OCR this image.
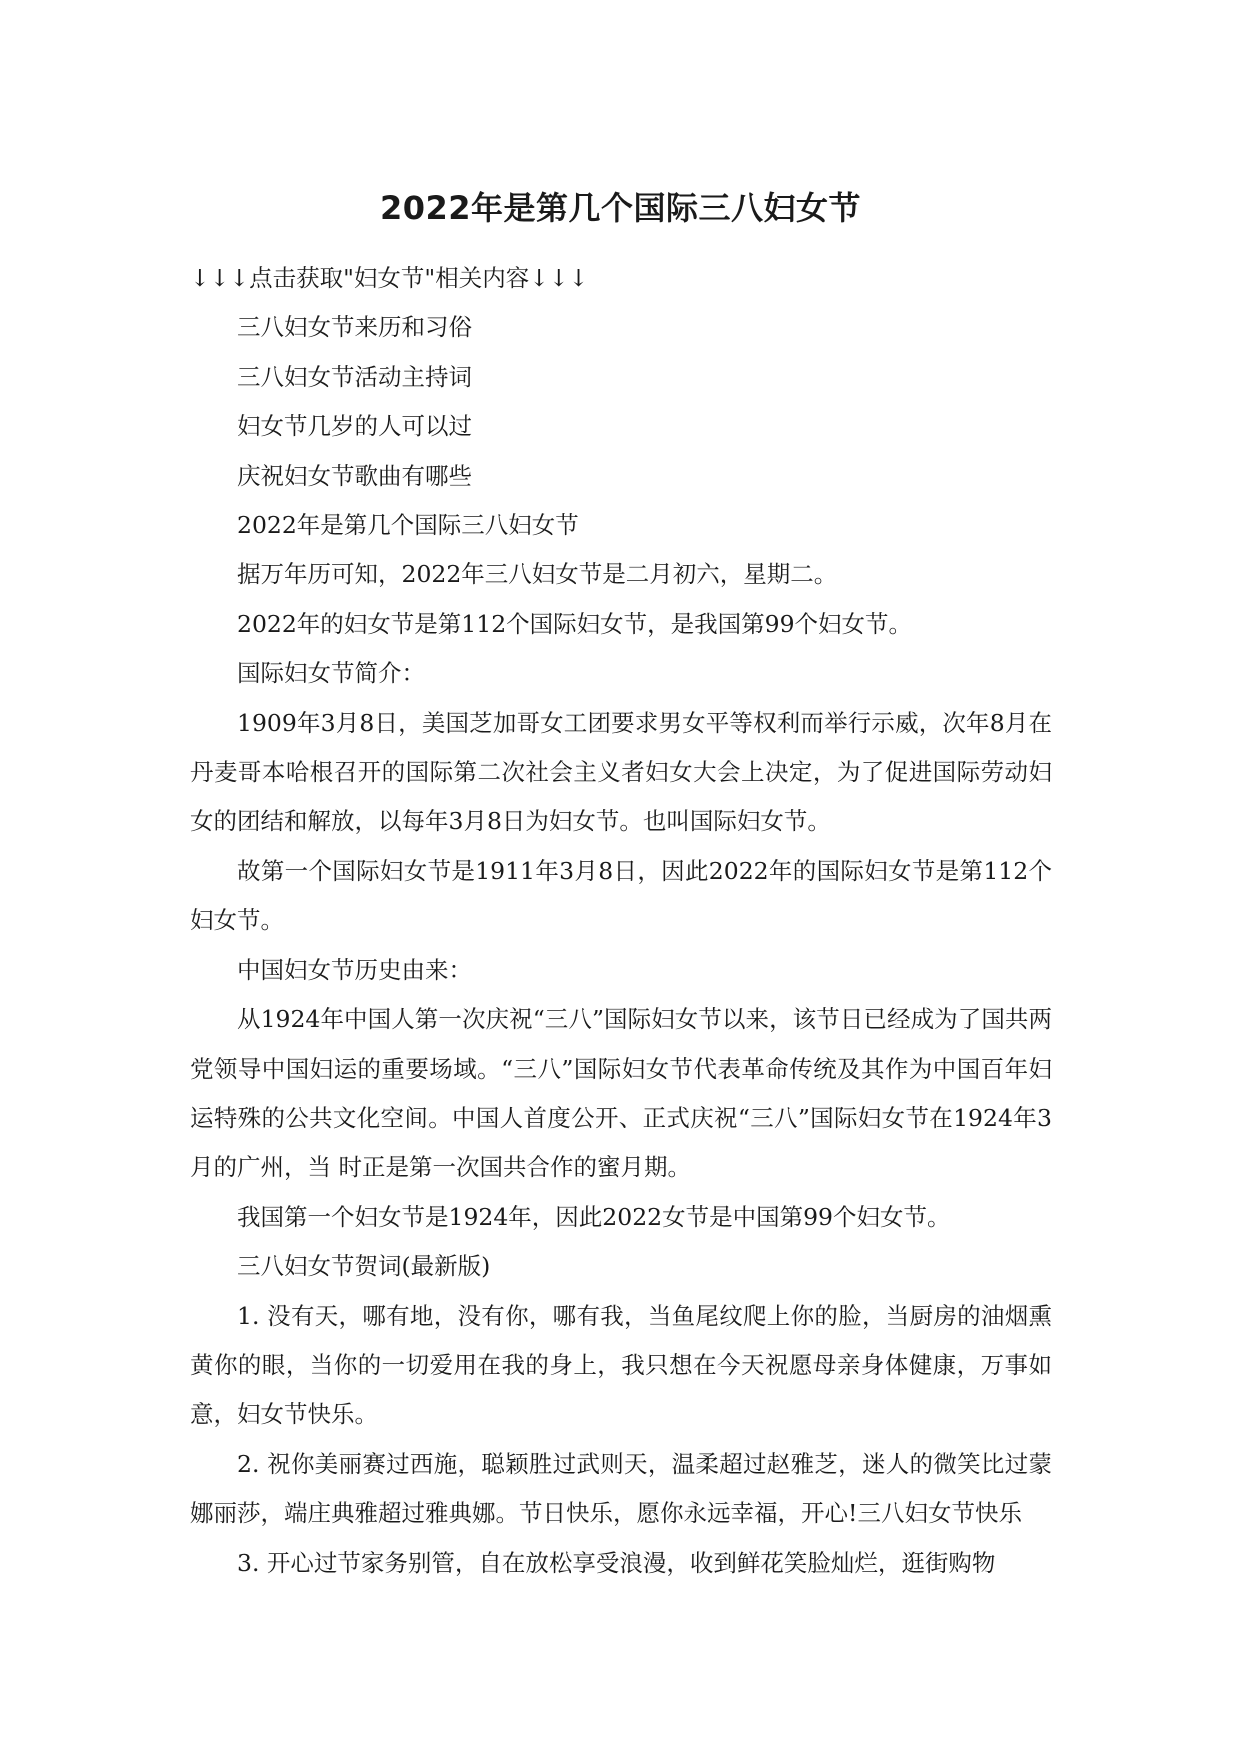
2022年是第几个国际三八妇女节

↓↓↓点击获取"妇女节"相关内容↓↓↓

三八妇女节来历和习俗

三八妇女节活动主持词

妇女节几岁的人可以过

庆祝妇女节歌曲有哪些

2022年是第几个国际三八妇女节

据万年历可知，2022年三八妇女节是二月初六，星期二。

2022年的妇女节是第112个国际妇女节，是我国第99个妇女节。

国际妇女节简介：

1909年3月8日，美国芝加哥女工团要求男女平等权利而举行示威，次年8月在丹麦哥本哈根召开的国际第二次社会主义者妇女大会上决定，为了促进国际劳动妇女的团结和解放，以每年3月8日为妇女节。也叫国际妇女节。

故第一个国际妇女节是1911年3月8日，因此2022年的国际妇女节是第112个妇女节。

中国妇女节历史由来：

从1924年中国人第一次庆祝“三八”国际妇女节以来，该节日已经成为了国共两党领导中国妇运的重要场域。“三八”国际妇女节代表革命传统及其作为中国百年妇运特殊的公共文化空间。中国人首度公开、正式庆祝“三八”国际妇女节在1924年3月的广州，当 时正是第一次国共合作的蜜月期。

我国第一个妇女节是1924年，因此2022女节是中国第99个妇女节。

三八妇女节贺词(最新版)

1. 没有天，哪有地，没有你，哪有我，当鱼尾纹爬上你的脸，当厨房的油烟熏黄你的眼，当你的一切爱用在我的身上，我只想在今天祝愿母亲身体健康，万事如意，妇女节快乐。

2. 祝你美丽赛过西施，聪颖胜过武则天，温柔超过赵雅芝，迷人的微笑比过蒙娜丽莎，端庄典雅超过雅典娜。节日快乐，愿你永远幸福，开心!三八妇女节快乐

3. 开心过节家务别管，自在放松享受浪漫，收到鲜花笑脸灿烂，逛街购物
